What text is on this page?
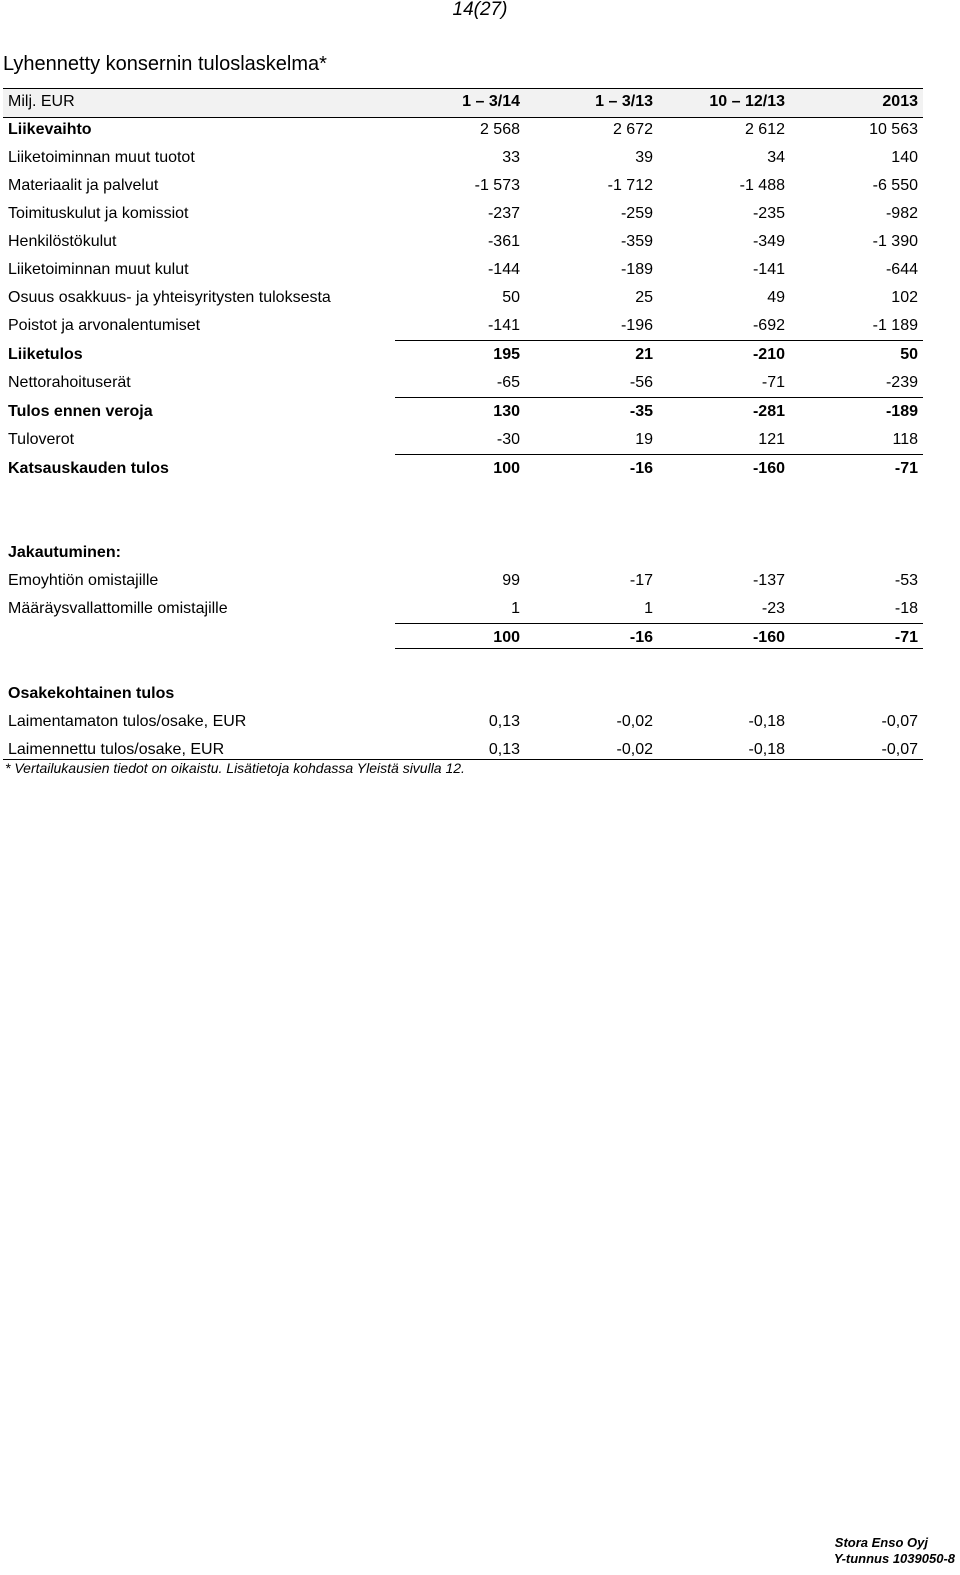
14(27)
Lyhennetty konsernin tuloslaskelma*
Milj. EUR	1 – 3/14	1 – 3/13	10 – 12/13	2013
Liikevaihto	2 568	2 672	2 612	10 563
Liiketoiminnan muut tuotot	33	39	34	140
Materiaalit ja palvelut	-1 573	-1 712	-1 488	-6 550
Toimituskulut ja komissiot	-237	-259	-235	-982
Henkilöstökulut	-361	-359	-349	-1 390
Liiketoiminnan muut kulut	-144	-189	-141	-644
Osuus osakkuus- ja yhteisyritysten tuloksesta	50	25	49	102
Poistot ja arvonalentumiset	-141	-196	-692	-1 189
Liiketulos	195	21	-210	50
Nettorahoituserät	-65	-56	-71	-239
Tulos ennen veroja	130	-35	-281	-189
Tuloverot	-30	19	121	118
Katsauskauden tulos	100	-16	-160	-71
Jakautuminen:
Emoyhtiön omistajille	99	-17	-137	-53
Määräysvallattomille omistajille	1	1	-23	-18
100	-16	-160	-71
Osakekohtainen tulos
Laimentamaton tulos/osake, EUR	0,13	-0,02	-0,18	-0,07
Laimennettu tulos/osake, EUR	0,13	-0,02	-0,18	-0,07
* Vertailukausien tiedot on oikaistu. Lisätietoja kohdassa Yleistä sivulla 12.
Stora Enso Oyj
Y-tunnus 1039050-8
